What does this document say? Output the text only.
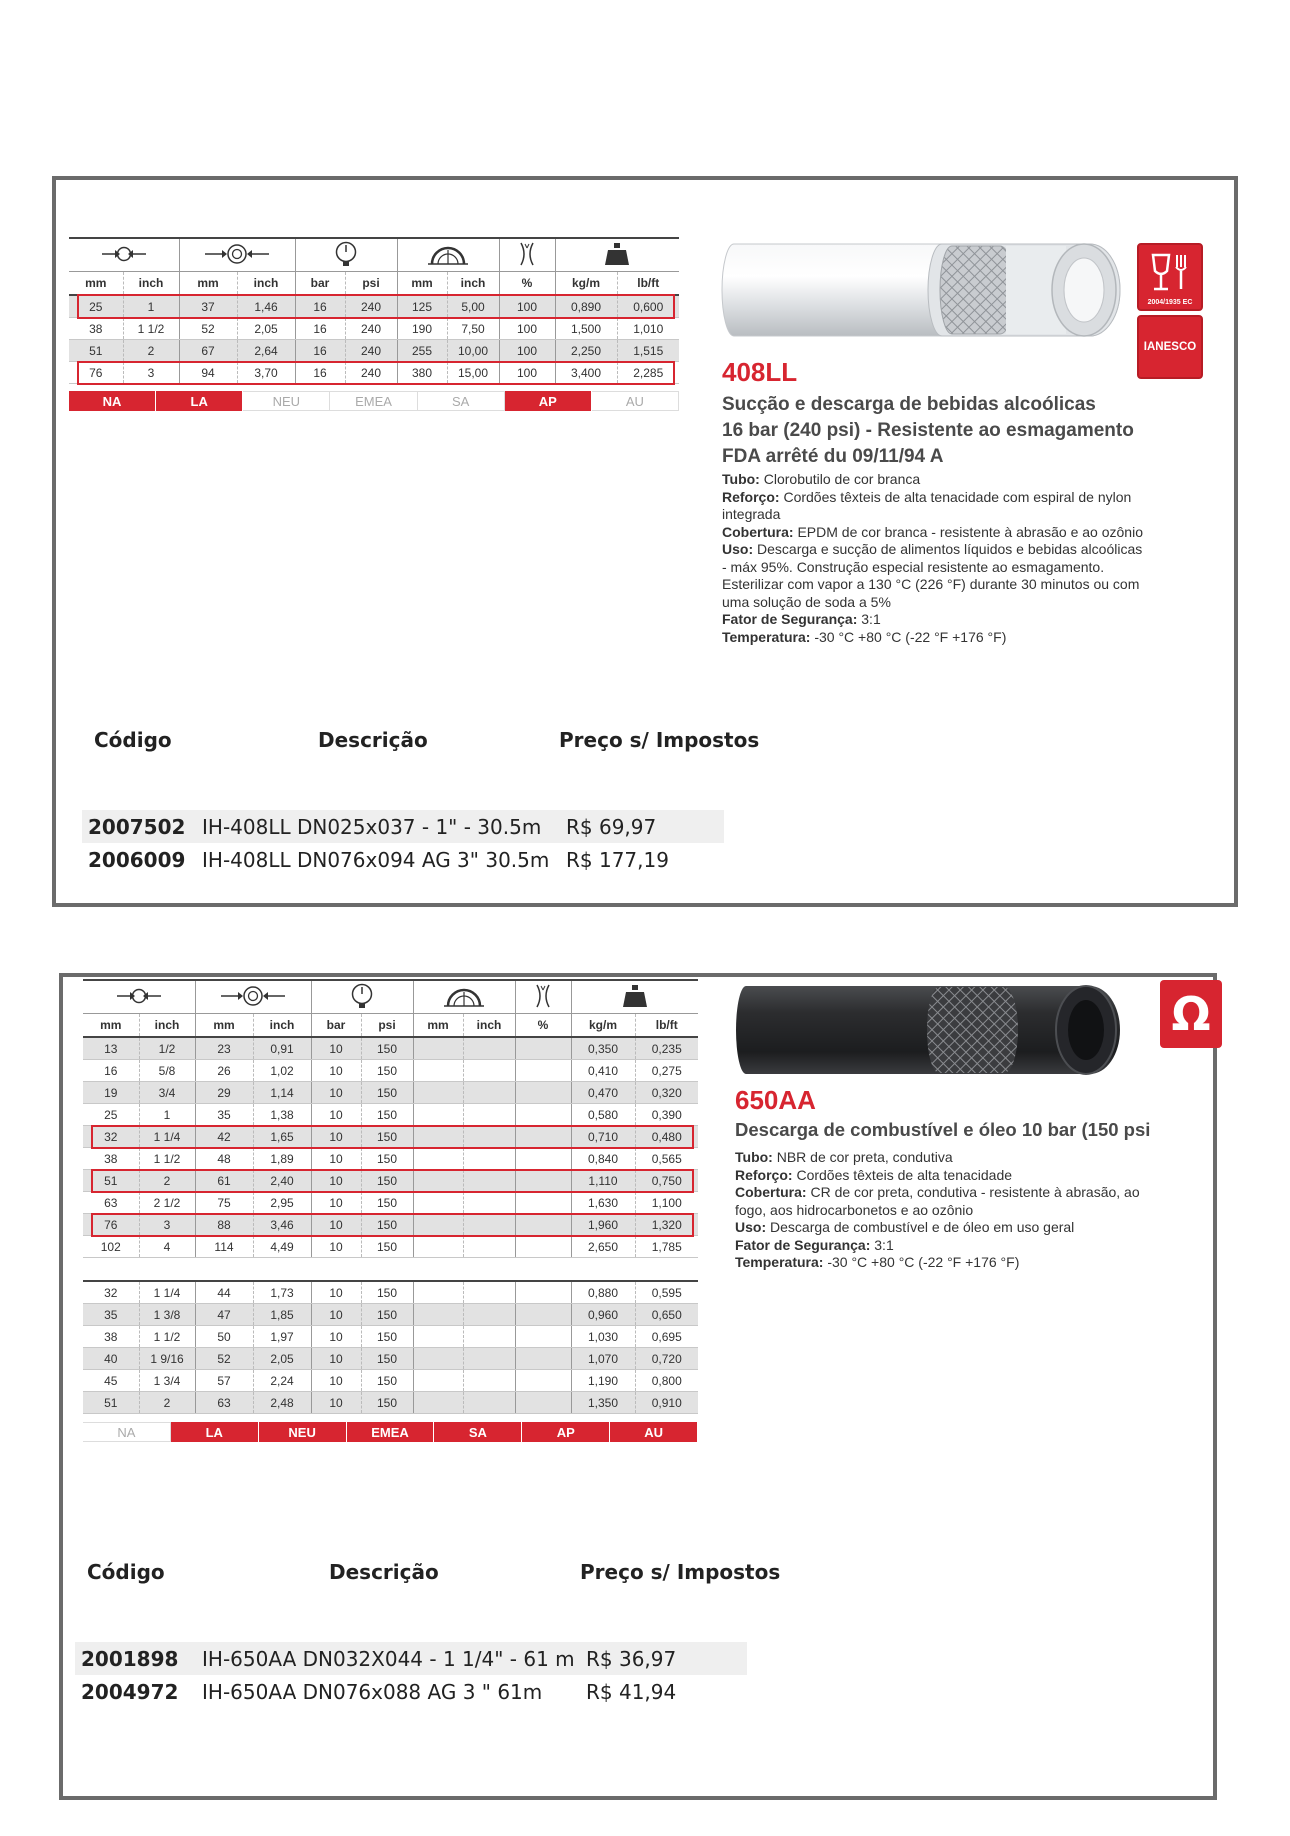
mm	inch	mm	inch	bar	psi	mm	inch	%	kg/m	lb/ft
25	1	37	1,46	16	240	125	5,00	100	0,890	0,600
38	1 1/2	52	2,05	16	240	190	7,50	100	1,500	1,010
51	2	67	2,64	16	240	255	10,00	100	2,250	1,515
76	3	94	3,70	16	240	380	15,00	100	3,400	2,285
NA	LA	NEU	EMEA	SA	AP	AU
2004/1935 EC
IANESCO
408LL
Sucção e descarga de bebidas alcoólicas
16 bar (240 psi) - Resistente ao esmagamento
FDA arrêté du 09/11/94 A
Tubo: Clorobutilo de cor branca
Reforço: Cordões têxteis de alta tenacidade com espiral de nylon
integrada
Cobertura: EPDM de cor branca - resistente à abrasão e ao ozônio
Uso: Descarga e sucção de alimentos líquidos e bebidas alcoólicas
- máx 95%. Construção especial resistente ao esmagamento.
Esterilizar com vapor a 130 °C (226 °F) durante 30 minutos ou com
uma solução de soda a 5%
Fator de Segurança: 3:1
Temperatura: -30 °C +80 °C (-22 °F +176 °F)
Código	Descrição	Preço s/ Impostos
2007502 IH-408LL DN025x037 - 1" - 30.5m R$ 69,97
2006009 IH-408LL DN076x094 AG 3" 30.5m R$ 177,19

mm	inch	mm	inch	bar	psi	mm	inch	%	kg/m	lb/ft
13	1/2	23	0,91	10	150				0,350	0,235
16	5/8	26	1,02	10	150				0,410	0,275
19	3/4	29	1,14	10	150				0,470	0,320
25	1	35	1,38	10	150				0,580	0,390
32	1 1/4	42	1,65	10	150				0,710	0,480
38	1 1/2	48	1,89	10	150				0,840	0,565
51	2	61	2,40	10	150				1,110	0,750
63	2 1/2	75	2,95	10	150				1,630	1,100
76	3	88	3,46	10	150				1,960	1,320
102	4	114	4,49	10	150				2,650	1,785

32	1 1/4	44	1,73	10	150				0,880	0,595
35	1 3/8	47	1,85	10	150				0,960	0,650
38	1 1/2	50	1,97	10	150				1,030	0,695
40	1 9/16	52	2,05	10	150				1,070	0,720
45	1 3/4	57	2,24	10	150				1,190	0,800
51	2	63	2,48	10	150				1,350	0,910
NA	LA	NEU	EMEA	SA	AP	AU
Ω
650AA
Descarga de combustível e óleo 10 bar (150 psi
Tubo: NBR de cor preta, condutiva
Reforço: Cordões têxteis de alta tenacidade
Cobertura: CR de cor preta, condutiva - resistente à abrasão, ao
fogo, aos hidrocarbonetos e ao ozônio
Uso: Descarga de combustível e de óleo em uso geral
Fator de Segurança: 3:1
Temperatura: -30 °C +80 °C (-22 °F +176 °F)
Código	Descrição	Preço s/ Impostos
2001898 IH-650AA DN032X044 - 1 1/4" - 61 m R$ 36,97
2004972 IH-650AA DN076x088 AG 3 " 61m R$ 41,94
